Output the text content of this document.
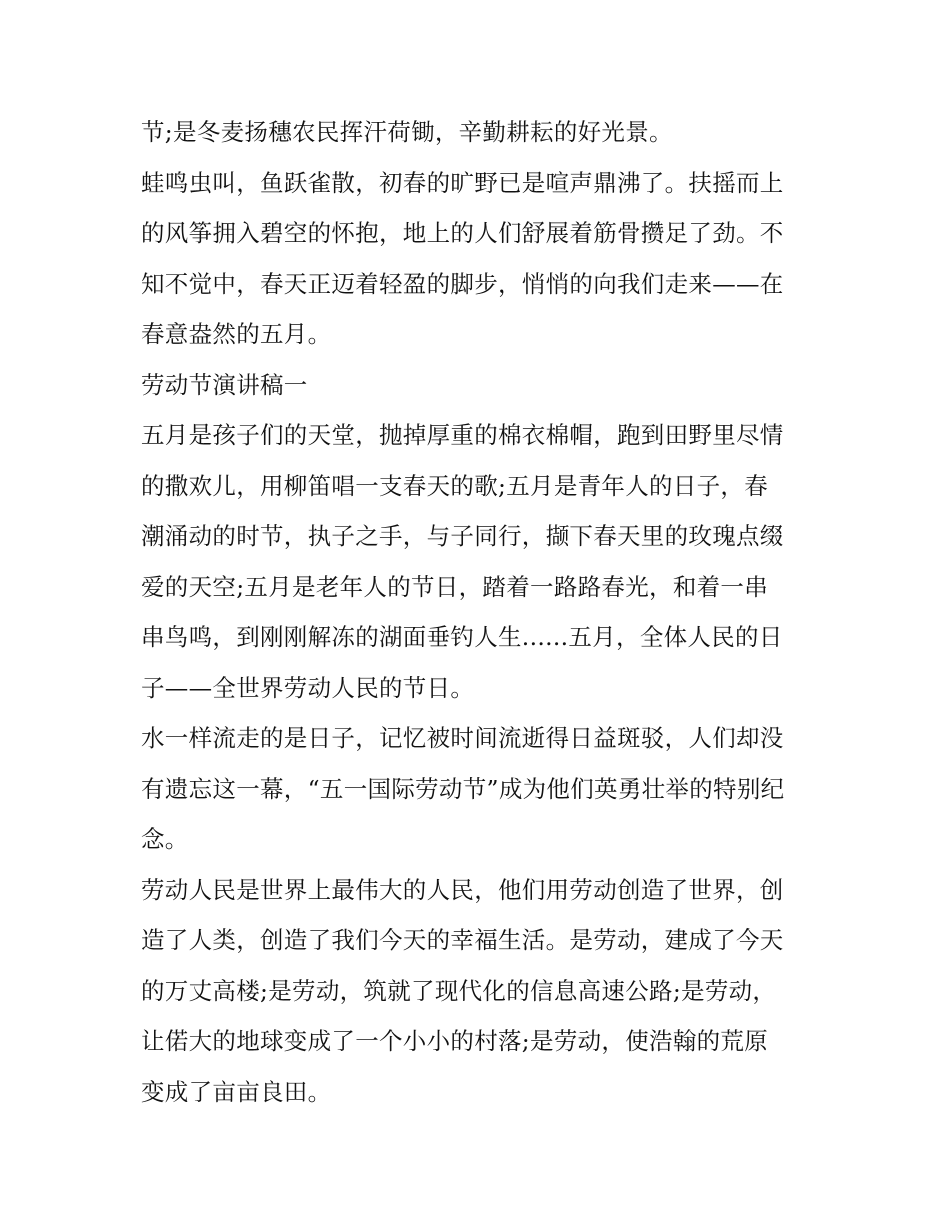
节;是冬麦扬穗农民挥汗荷锄，辛勤耕耘的好光景。
蛙鸣虫叫，鱼跃雀散，初春的旷野已是喧声鼎沸了。扶摇而上
的风筝拥入碧空的怀抱，地上的人们舒展着筋骨攒足了劲。不
知不觉中，春天正迈着轻盈的脚步，悄悄的向我们走来——在
春意盎然的五月。
劳动节演讲稿一
五月是孩子们的天堂，抛掉厚重的棉衣棉帽，跑到田野里尽情
的撒欢儿，用柳笛唱一支春天的歌;五月是青年人的日子，春
潮涌动的时节，执子之手，与子同行，撷下春天里的玫瑰点缀
爱的天空;五月是老年人的节日，踏着一路路春光，和着一串
串鸟鸣，到刚刚解冻的湖面垂钓人生......五月，全体人民的日
子——全世界劳动人民的节日。
水一样流走的是日子，记忆被时间流逝得日益斑驳，人们却没
有遗忘这一幕，“五一国际劳动节”成为他们英勇壮举的特别纪
念。
劳动人民是世界上最伟大的人民，他们用劳动创造了世界，创
造了人类，创造了我们今天的幸福生活。是劳动，建成了今天
的万丈高楼;是劳动，筑就了现代化的信息高速公路;是劳动，
让偌大的地球变成了一个小小的村落;是劳动，使浩翰的荒原
变成了亩亩良田。
